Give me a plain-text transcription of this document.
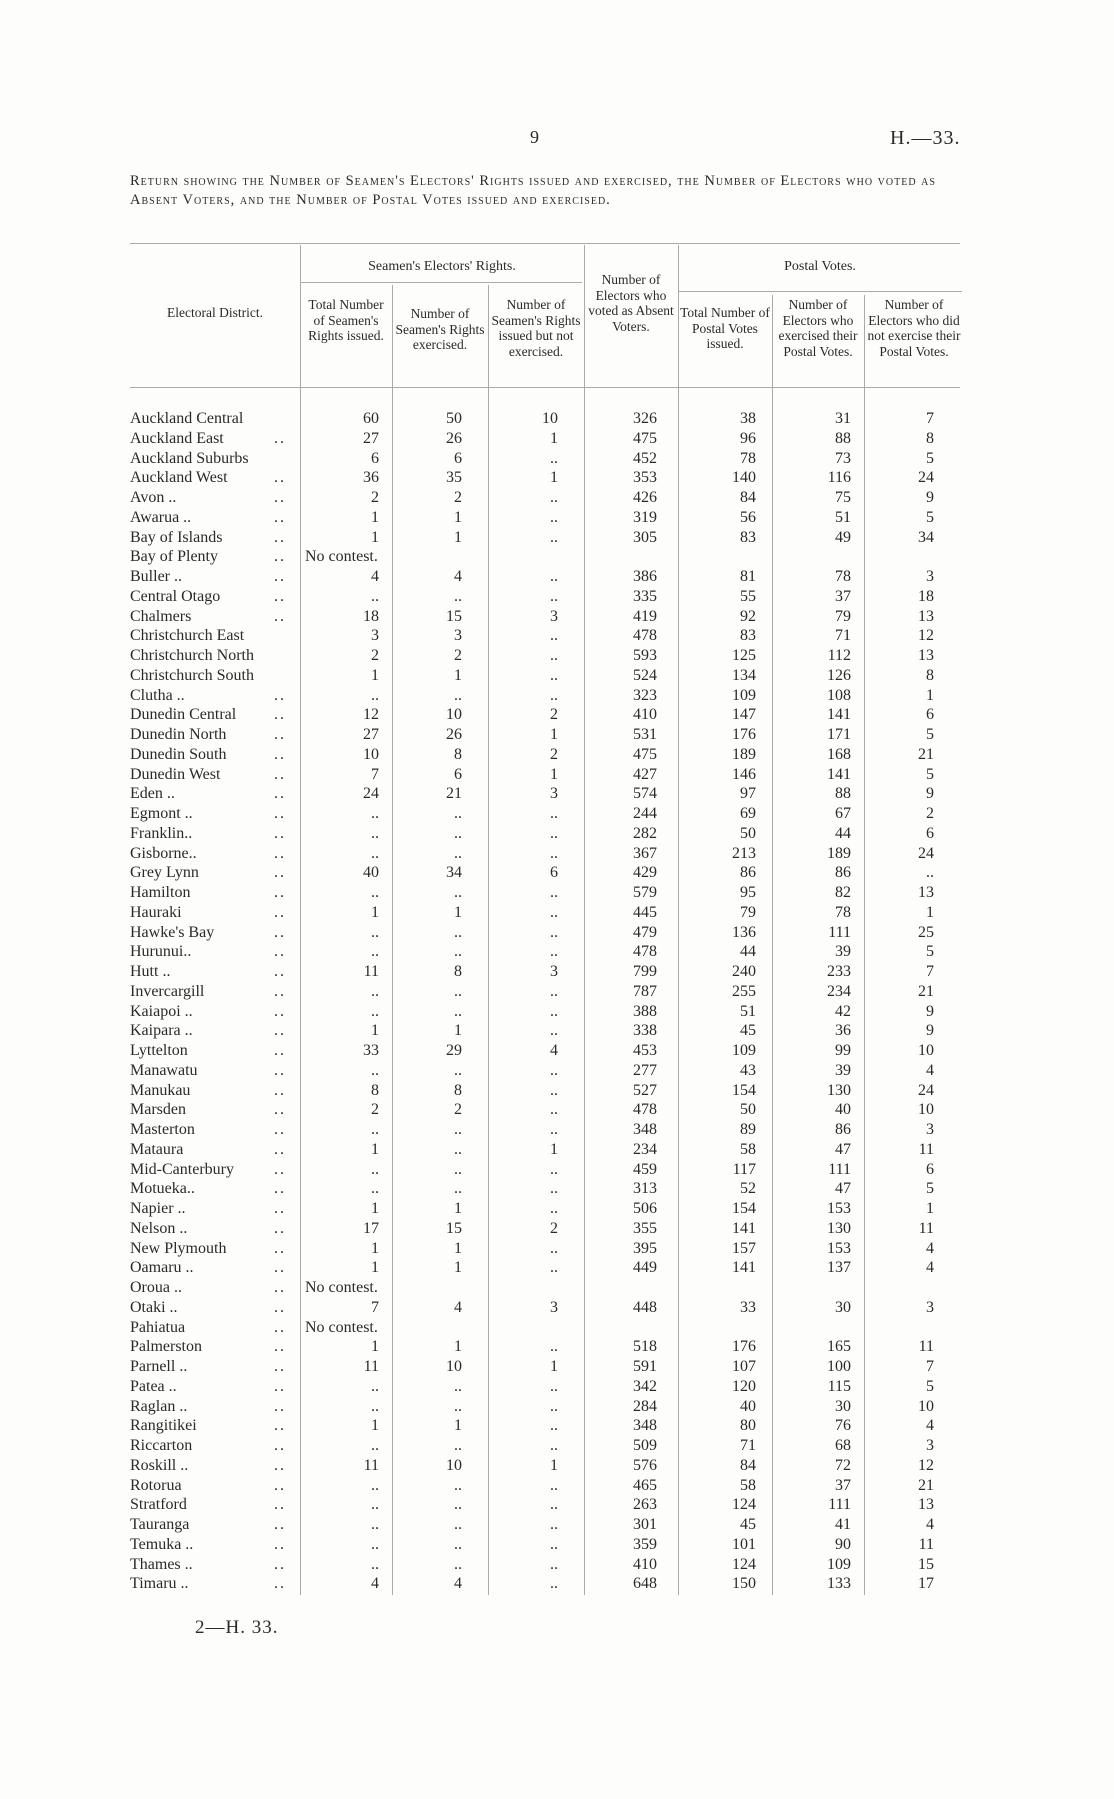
9	H.—33.
Return showing the Number of Seamen's Electors' Rights issued and exercised, the Number of Electors who voted as Absent Voters, and the Number of Postal Votes issued and exercised.
Electoral District.
Seamen's Electors' Rights.
Total Number of Seamen's Rights issued.
Number of Seamen's Rights exercised.
Number of Seamen's Rights issued but not exercised.
Number of Electors who voted as Absent Voters.
Postal Votes.
Total Number of Postal Votes issued.
Number of Electors who exercised their Postal Votes.
Number of Electors who did not exercise their Postal Votes.
Auckland Central	60	50	10	326	38	31	7
Auckland East	..	27	26	1	475	96	88	8
Auckland Suburbs	6	6	..	452	78	73	5
Auckland West	..	36	35	1	353	140	116	24
Avon ..	..	2	2	..	426	84	75	9
Awarua ..	..	1	1	..	319	56	51	5
Bay of Islands	..	1	1	..	305	83	49	34
Bay of Plenty	.. No contest.
Buller ..	..	4	4	..	386	81	78	3
Central Otago	..	..	..	..	335	55	37	18
Chalmers	..	18	15	3	419	92	79	13
Christchurch East	3	3	..	478	83	71	12
Christchurch North	2	2	..	593	125	112	13
Christchurch South	1	1	..	524	134	126	8
Clutha ..	..	..	..	..	323	109	108	1
Dunedin Central ..	12	10	2	410	147	141	6
Dunedin North	..	27	26	1	531	176	171	5
Dunedin South	..	10	8	2	475	189	168	21
Dunedin West	..	7	6	1	427	146	141	5
Eden ..	..	24	21	3	574	97	88	9
Egmont ..	..	..	..	..	244	69	67	2
Franklin..	..	..	..	..	282	50	44	6
Gisborne..	..	..	..	..	367	213	189	24
Grey Lynn	..	40	34	6	429	86	86	..
Hamilton	..	..	..	..	579	95	82	13
Hauraki	..	1	1	..	445	79	78	1
Hawke's Bay	..	..	..	..	479	136	111	25
Hurunui..	..	..	..	..	478	44	39	5
Hutt ..	..	11	8	3	799	240	233	7
Invercargill	..	..	..	..	787	255	234	21
Kaiapoi ..	..	..	..	..	388	51	42	9
Kaipara ..	..	1	1	..	338	45	36	9
Lyttelton	..	33	29	4	453	109	99	10
Manawatu	..	..	..	..	277	43	39	4
Manukau	..	8	8	..	527	154	130	24
Marsden	..	2	2	..	478	50	40	10
Masterton	..	..	..	..	348	89	86	3
Mataura	..	1	..	1	234	58	47	11
Mid-Canterbury	..	..	..	..	459	117	111	6
Motueka..	..	..	..	..	313	52	47	5
Napier ..	..	1	1	..	506	154	153	1
Nelson ..	..	17	15	2	355	141	130	11
New Plymouth	..	1	1	..	395	157	153	4
Oamaru ..	..	1	1	..	449	141	137	4
Oroua ..	.. No contest.
Otaki ..	..	7	4	3	448	33	30	3
Pahiatua	.. No contest.
Palmerston	..	1	1	..	518	176	165	11
Parnell ..	..	11	10	1	591	107	100	7
Patea ..	..	..	..	..	342	120	115	5
Raglan ..	..	..	..	..	284	40	30	10
Rangitikei	..	1	1	..	348	80	76	4
Riccarton	..	..	..	..	509	71	68	3
Roskill ..	..	11	10	1	576	84	72	12
Rotorua	..	..	..	..	465	58	37	21
Stratford	..	..	..	..	263	124	111	13
Tauranga	..	..	..	..	301	45	41	4
Temuka ..	..	..	..	..	359	101	90	11
Thames ..	..	..	..	..	410	124	109	15
Timaru ..	..	4	4	..	648	150	133	17
2—H. 33.
